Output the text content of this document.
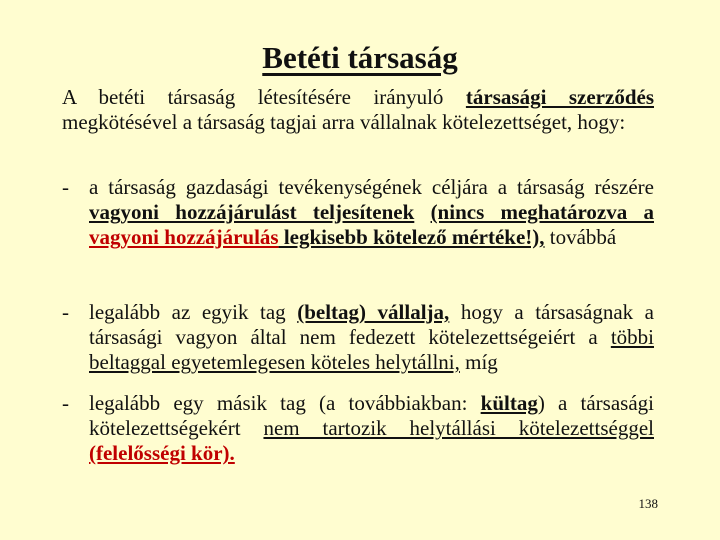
Betéti társaság
A betéti társaság létesítésére irányuló társasági szerződés megkötésével a társaság tagjai arra vállalnak kötelezettséget, hogy:
- a társaság gazdasági tevékenységének céljára a társaság részére vagyoni hozzájárulást teljesítenek (nincs meghatározva a vagyoni hozzájárulás legkisebb kötelező mértéke!), továbbá
- legalább az egyik tag (beltag) vállalja, hogy a társaságnak a társasági vagyon által nem fedezett kötelezettségeiért a többi beltaggal egyetemlegesen köteles helytállni, míg
- legalább egy másik tag (a továbbiakban: kültag) a társasági kötelezettségekért nem tartozik helytállási kötelezettséggel (felelősségi kör).
138
